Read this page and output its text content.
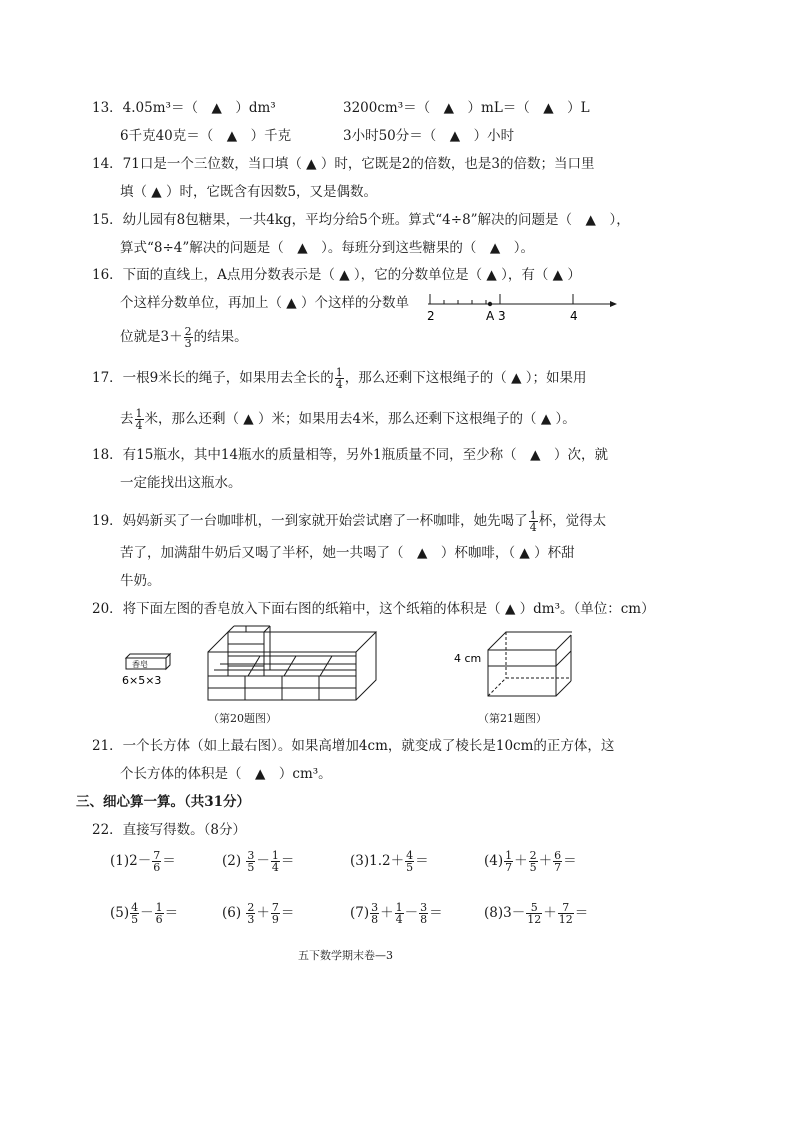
13．4.05m³＝（　▲　）dm³	3200cm³＝（　▲　）mL＝（　▲　）L
6千克40克＝（　▲　）千克	3小时50分＝（　▲　）小时
14．71口是一个三位数，当口填（ ▲ ）时，它既是2的倍数，也是3的倍数；当口里
填（ ▲ ）时，它既含有因数5，又是偶数。
15．幼儿园有8包糖果，一共4kg，平均分给5个班。算式“4÷8”解决的问题是（　▲　），
算式“8÷4”解决的问题是（　▲　）。每班分到这些糖果的（　▲　）。
16．下面的直线上，A点用分数表示是（ ▲ ），它的分数单位是（ ▲ ），有（ ▲ ）
个这样分数单位，再加上（ ▲ ）个这样的分数单
位就是$3+ \frac{2}{3}$ 的结果。
2	A 3	4
17．一根9米长的绳子，如果用去全长的 $\frac{1}{4}$ ，那么还剩下这根绳子的（ ▲ ）；如果用
去 $\frac{1}{4}$ 米，那么还剩（ ▲ ）米；如果用去4米，那么还剩下这根绳子的（ ▲ ）。
18．有15瓶水，其中14瓶水的质量相等，另外1瓶质量不同，至少称（　▲　）次，就
一定能找出这瓶水。
19．妈妈新买了一台咖啡机，一到家就开始尝试磨了一杯咖啡，她先喝了 $\frac{1}{4}$ 杯，觉得太
苦了，加满甜牛奶后又喝了半杯，她一共喝了（　▲　）杯咖啡，（ ▲ ）杯甜
牛奶。
20．将下面左图的香皂放入下面右图的纸箱中，这个纸箱的体积是（ ▲ ）dm³。（单位：cm）
香皂
6×5×3
（第20题图）
4 cm
（第21题图）
21．一个长方体（如上最右图）。如果高增加4cm，就变成了棱长是10cm的正方体，这
个长方体的体积是（　▲　）cm³。
三、细心算一算。（共31分）
22．直接写得数。（8分）
$(1)2- \frac{7}{6}$ ＝	$(2) \frac{3}{5} - \frac{1}{4}$ ＝	$(3)1.2+ \frac{4}{5}$ ＝	$(4) \frac{1}{7} + \frac{2}{5} + \frac{6}{7}$ ＝
$(5) \frac{4}{5} - \frac{1}{6}$ ＝	$(6) \frac{2}{3} + \frac{7}{9}$ ＝	$(7) \frac{3}{8} + \frac{1}{4} - \frac{3}{8}$ ＝	$(8)3- \frac{5}{12} + \frac{7}{12}$ ＝
五下数学期末卷—3
